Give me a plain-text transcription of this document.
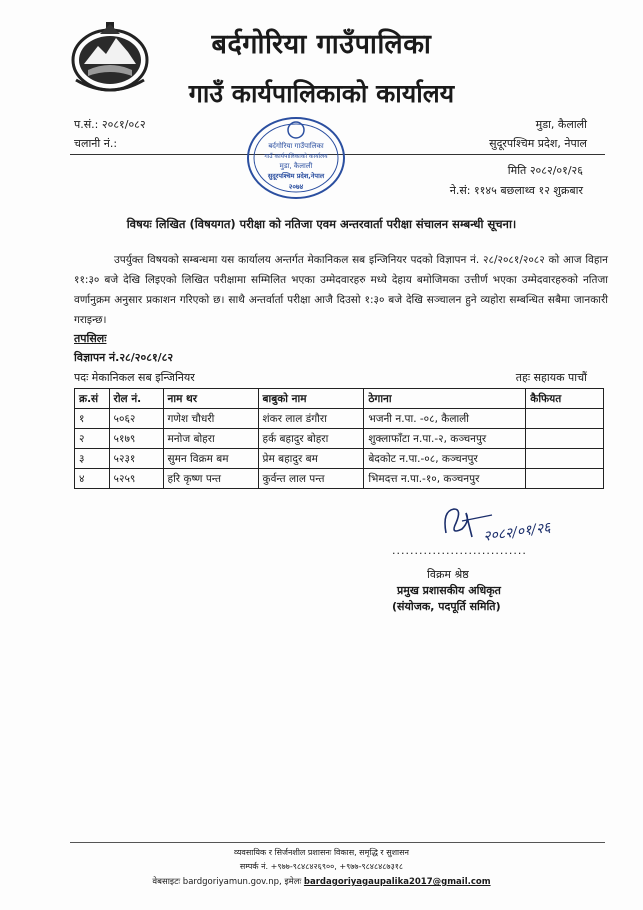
बर्दगोरिया गाउँपालिका
गाउँ कार्यपालिकाको कार्यालय
प.सं.: २०८१/०८२
चलानी नं.:
मुडा, कैलाली
सुदूरपश्चिम प्रदेश, नेपाल
बर्दगोरिया गाउँपालिका
गाउँ कार्यपालिकाको कार्यालय
मुडा, कैलाली
सुदूरपश्चिम प्रदेश,नेपाल
२०७४
मिति २०८२/०१/२६
ने.सं: ११४५ बछलाथ्व १२ शुक्रबार
विषयः लिखित (विषयगत) परीक्षा को नतिजा एवम अन्तरवार्ता परीक्षा संचालन सम्बन्धी सूचना।
उपर्युक्त विषयको सम्बन्धमा यस कार्यालय अन्तर्गत मेकानिकल सब इन्जिनियर पदको विज्ञापन नं. २८/२०८१/२०८२ को आज विहान ११:३० बजे देखि लिइएको लिखित परीक्षामा सम्मिलित भएका उम्मेदवारहरु मध्ये देहाय बमोजिमका उत्तीर्ण भएका उम्मेदवारहरुको नतिजा वर्णानुक्रम अनुसार प्रकाशन गरिएको छ। साथै अन्तर्वार्ता परीक्षा आजै दिउसो १:३० बजे देखि सञ्चालन हुने व्यहोरा सम्बन्धित सबैमा जानकारी गराइन्छ।
तपसिलः
विज्ञापन नं.२८/२०८१/८२
पदः मेकानिकल सब इन्जिनियर	तहः सहायक पाचौं
क्र.सं	रोल नं.	नाम थर	बाबुको नाम	ठेगाना	कैफियत
१	५०६२	गणेश चौधरी	शंकर लाल डंगौरा	भजनी न.पा. -०८, कैलाली	
२	५१७९	मनोज बोहरा	हर्क बहादुर बोहरा	शुक्लाफाँटा न.पा.-२, कञ्चनपुर	
३	५२३१	सुमन विक्रम बम	प्रेम बहादुर बम	बेदकोट न.पा.-०८, कञ्चनपुर	
४	५२५९	हरि कृष्ण पन्त	कुर्वन्त लाल पन्त	भिमदत्त न.पा.-१०, कञ्चनपुर	
२०८२/०१/२६
..............................
विक्रम श्रेष्ठ
प्रमुख प्रशासकीय अधिकृत
(संयोजक, पदपूर्ति समिति)
व्यवसायिक र सिर्जनशील प्रशासनः विकास, समृद्धि र सुशासन
सम्पर्क नं. +९७७-९८४८४२६९००, +९७७-९८४८४८७३१८
वेबसाइटः bardgoriyamun.gov.np, इमेलः bardagoriyagaupalika2017@gmail.com
